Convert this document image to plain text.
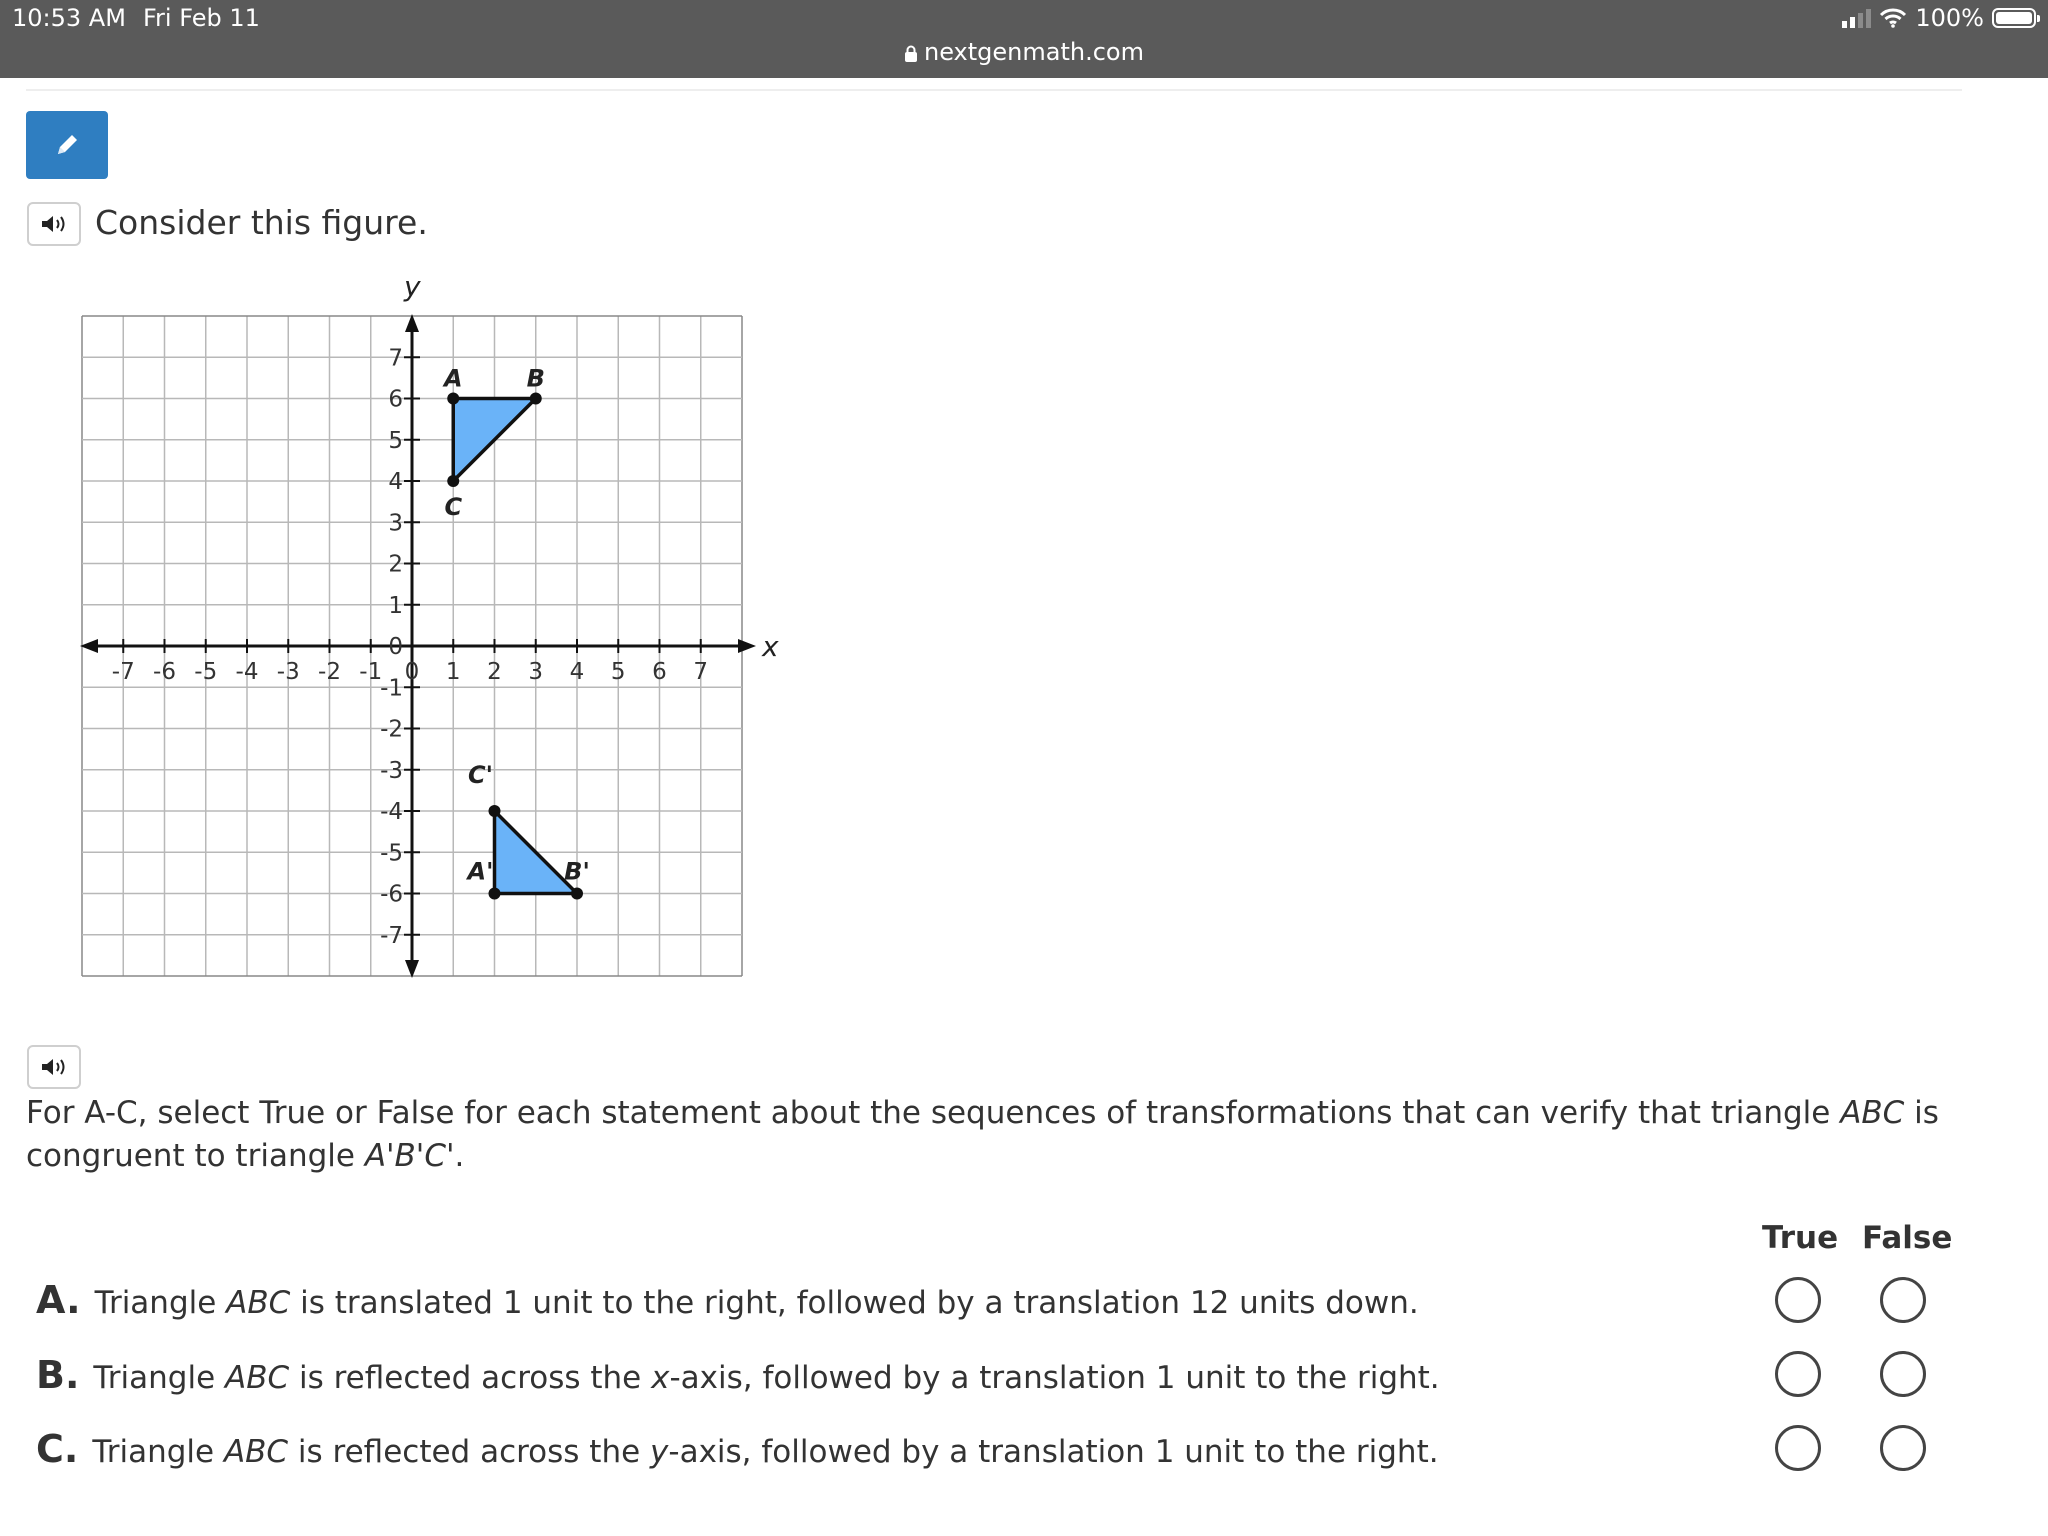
10:53 AM Fri Feb 11
nextgenmath.com
100%
Consider this figure.
x
y
-7 -6 -5 -4 -3 -2 -1 0 1 2 3 4 5 6 7
7
6
5
4
3
2
1
0
-1
-2
-3
-4
-5
-6
-7
A	B
C
A'	B'
C'
For A-C, select True or False for each statement about the sequences of transformations that can verify that triangle ABC is congruent to triangle A'B'C'.
True False
A. Triangle ABC is translated 1 unit to the right, followed by a translation 12 units down.
B. Triangle ABC is reflected across the x-axis, followed by a translation 1 unit to the right.
C. Triangle ABC is reflected across the y-axis, followed by a translation 1 unit to the right.
